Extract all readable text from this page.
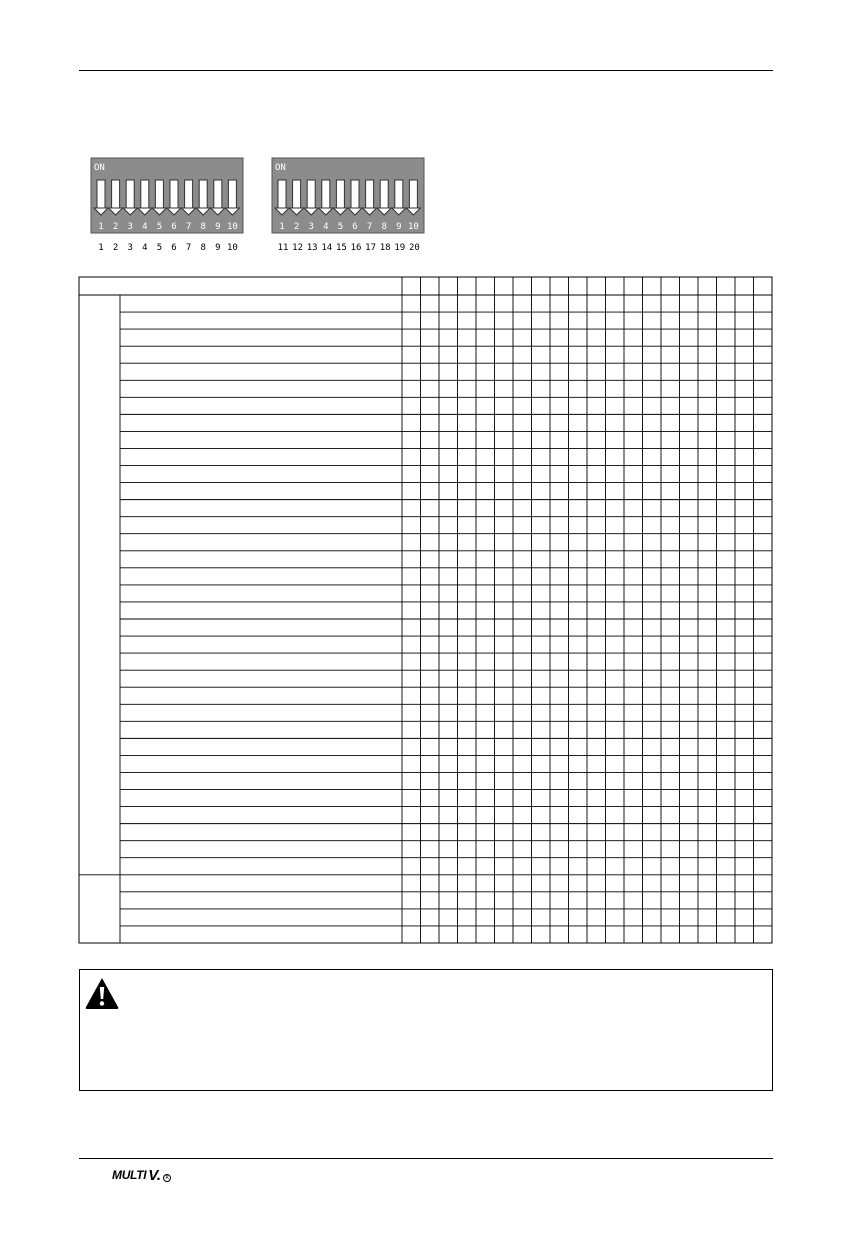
ON
1 2 3 4 5 6 7 8 9 10
1 2 3 4 5 6 7 8 9 10
ON
1 2 3 4 5 6 7 8 9 10
11 12 13 14 15 16 17 18 19 20
MULTI V. R
